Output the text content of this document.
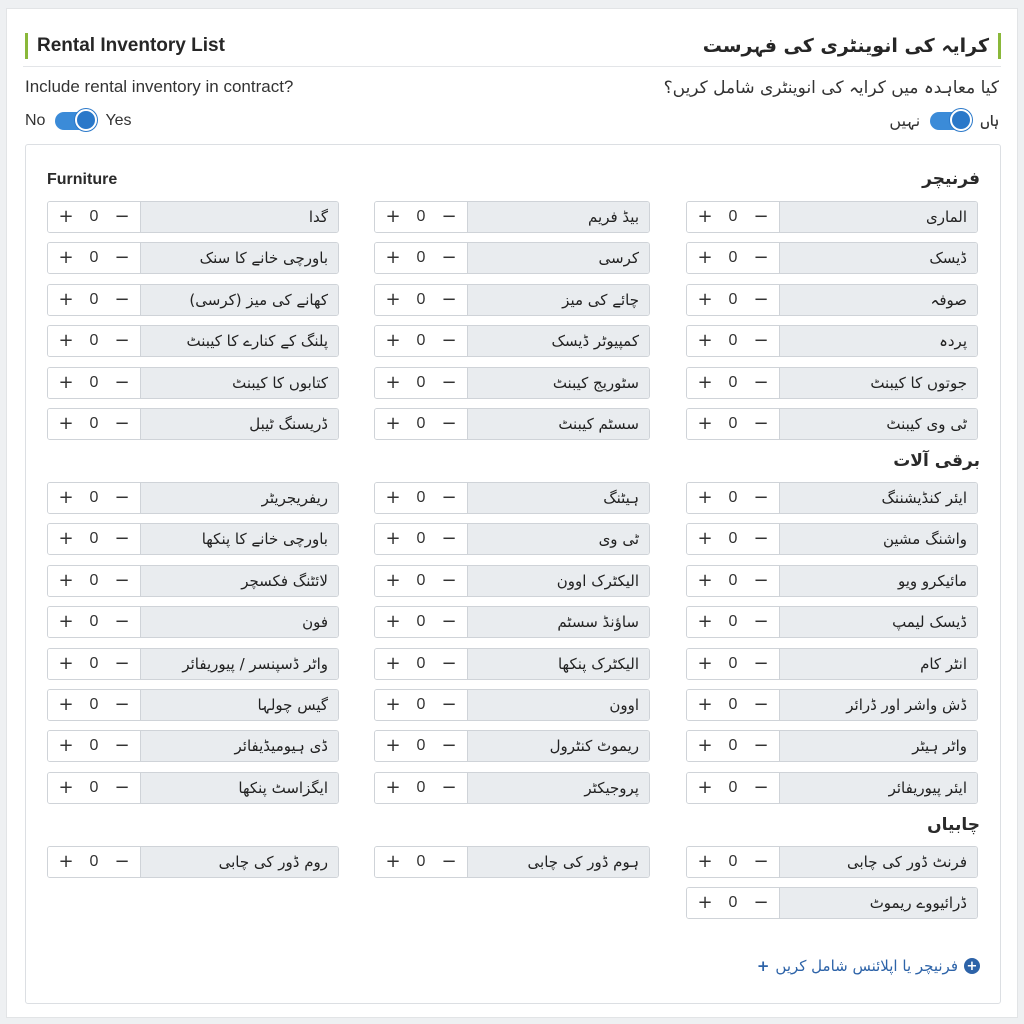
Rental Inventory List	کرایہ کی انوینٹری کی فہرست
Include rental inventory in contract?	کیا معاہدہ میں کرایہ کی انوینٹری شامل کریں؟
No	Yes	ہاں
نہیں
Furniture	فرنیچر
برقی آلات
چابیاں
+
فرنیچر یا اپلائنس شامل کریں
+
+ 0 −	الماری
+ 0 −	بیڈ فریم
+ 0 −	گدا
+ 0 −	ڈیسک
+ 0 −	کرسی
+ 0 −	باورچی خانے کا سنک
+ 0 −	صوفہ
+ 0 −	چائے کی میز
+ 0 −	کھانے کی میز (کرسی)
+ 0 −	پردہ
+ 0 −	کمپیوٹر ڈیسک
+ 0 −	پلنگ کے کنارے کا کیبنٹ
+ 0 −	جوتوں کا کیبنٹ
+ 0 −	سٹوریج کیبنٹ
+ 0 −	کتابوں کا کیبنٹ
+ 0 −	ٹی وی کیبنٹ
+ 0 −	سسٹم کیبنٹ
+ 0 −	ڈریسنگ ٹیبل
+ 0 −	ایئر کنڈیشننگ
+ 0 −	ہیٹنگ
+ 0 −	ریفریجریٹر
+ 0 −	واشنگ مشین
+ 0 −	ٹی وی
+ 0 −	باورچی خانے کا پنکھا
+ 0 −	مائیکرو ویو
+ 0 −	الیکٹرک اوون
+ 0 −	لائٹنگ فکسچر
+ 0 −	ڈیسک لیمپ
+ 0 −	ساؤنڈ سسٹم
+ 0 −	فون
+ 0 −	انٹر کام
+ 0 −	الیکٹرک پنکھا
+ 0 −	واٹر ڈسپنسر / پیوریفائر
+ 0 −	ڈش واشر اور ڈرائر
+ 0 −	اوون
+ 0 −	گیس چولہا
+ 0 −	واٹر ہیٹر
+ 0 −	ریموٹ کنٹرول
+ 0 −	ڈی ہیومیڈیفائر
+ 0 −	ایئر پیوریفائر
+ 0 −	پروجیکٹر
+ 0 −	ایگزاسٹ پنکھا
+ 0 −	فرنٹ ڈور کی چابی
+ 0 −	ہوم ڈور کی چابی
+ 0 −	روم ڈور کی چابی
+ 0 −	ڈرائیووے ریموٹ
